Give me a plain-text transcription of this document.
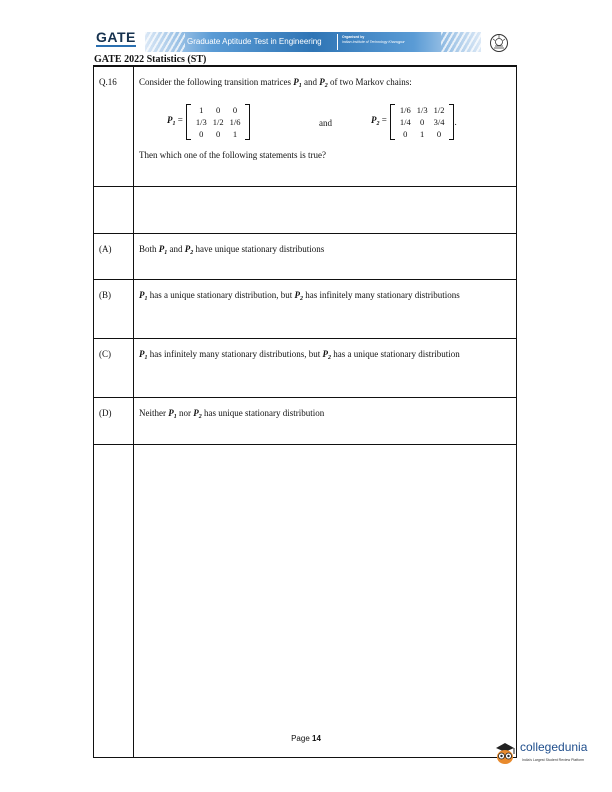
GATE	Graduate Aptitude Test in Engineering	Organised by
Indian Institute of Technology Kharagpur
GATE 2022 Statistics (ST)
Q.16	Consider the following transition matrices $P_1$ and $P_2$ of two Markov chains:
$P_1$ =
1	0	0
1/3	1/2	1/6
0	0	1
and	$P_2$ =
1/6	1/3	1/2
1/4	0	3/4
0	1	0
.
Then which one of the following statements is true?

(A)	Both $P_1$ and $P_2$ have unique stationary distributions
(B)	$P_1$ has a unique stationary distribution, but $P_2$ has infinitely many stationary distributions
(C)	$P_1$ has infinitely many stationary distributions, but $P_2$ has a unique stationary distribution
(D)	Neither $P_1$ nor $P_2$ has unique stationary distribution

Page 14
collegedunia
India's Largest Student Review Platform
